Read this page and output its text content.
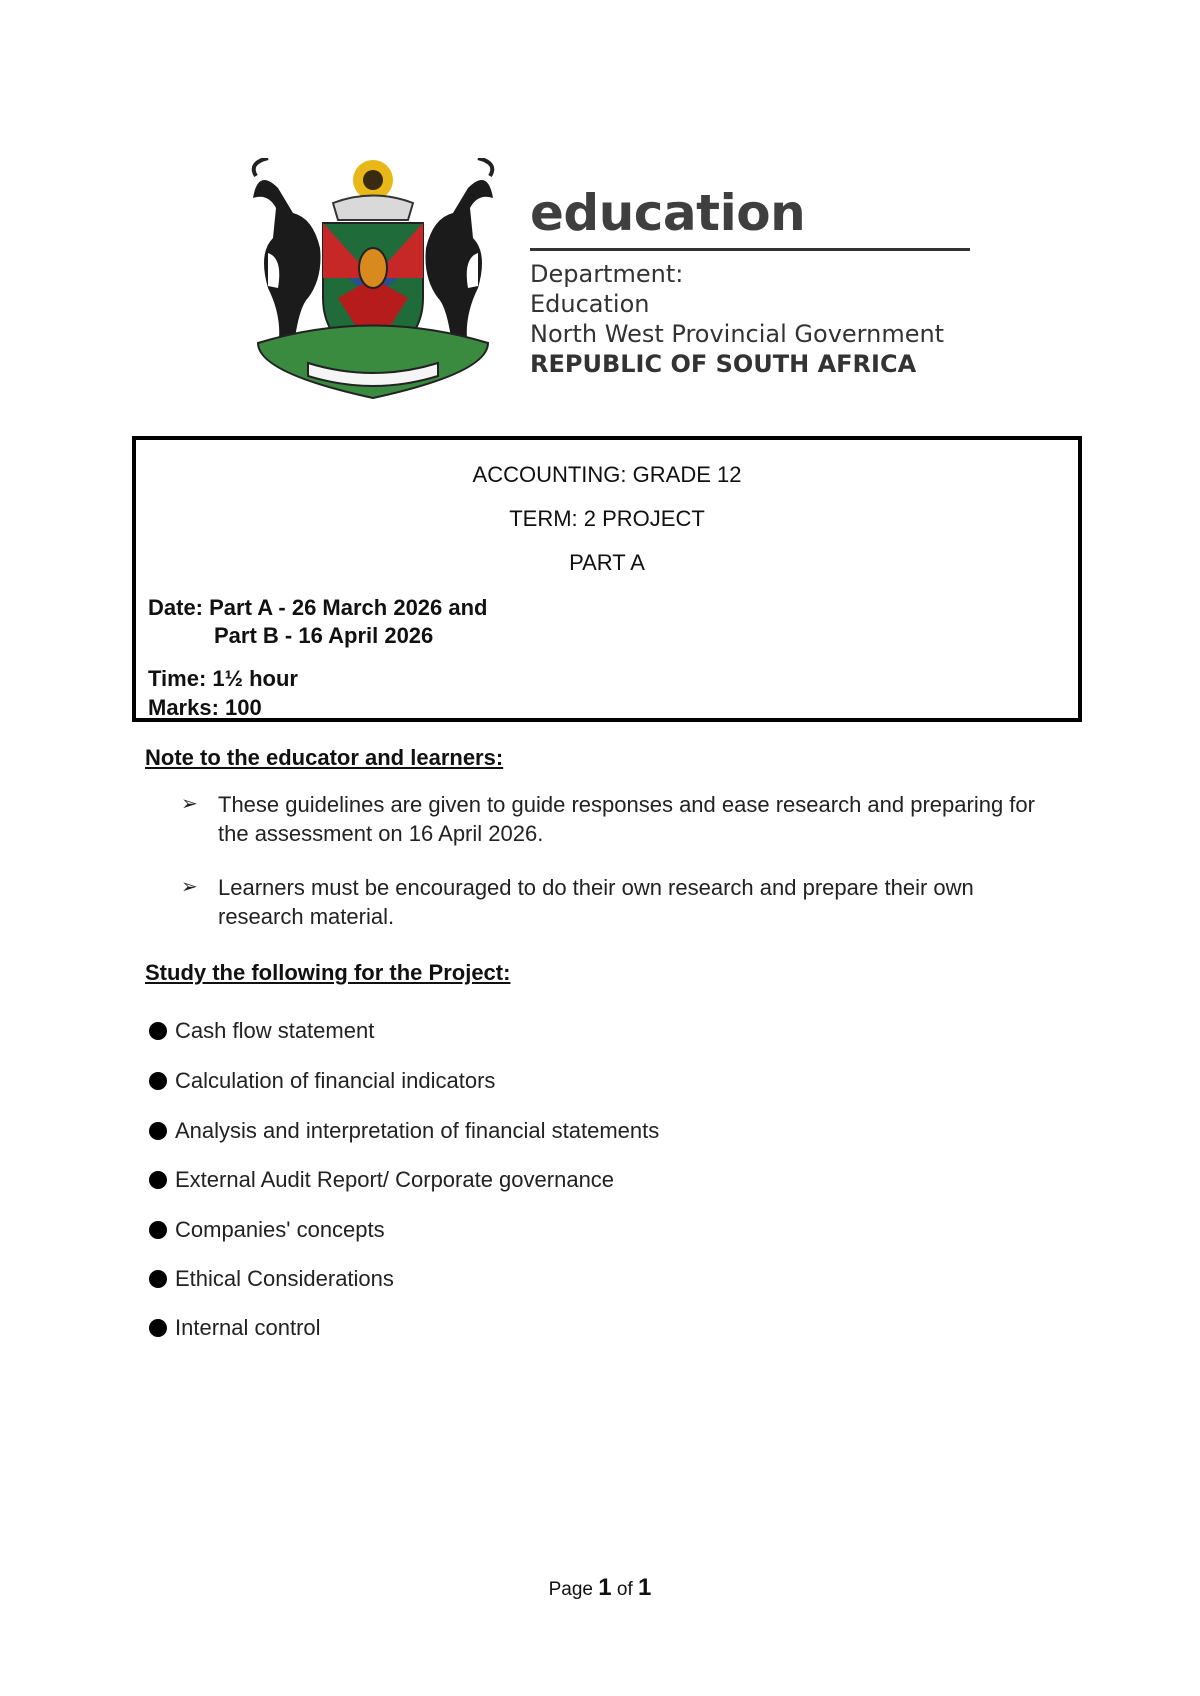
education
Department:
Education
North West Provincial Government
REPUBLIC OF SOUTH AFRICA
ACCOUNTING: GRADE 12
TERM: 2 PROJECT
PART A
Date: Part A - 26 March 2026 and
Part B - 16 April 2026
Time: 1½ hour
Marks: 100
Note to the educator and learners:
➢ These guidelines are given to guide responses and ease research and preparing for the assessment on 16 April 2026.
➢ Learners must be encouraged to do their own research and prepare their own research material.
Study the following for the Project:
Cash flow statement
Calculation of financial indicators
Analysis and interpretation of financial statements
External Audit Report/ Corporate governance
Companies' concepts
Ethical Considerations
Internal control
Page 1 of 1
